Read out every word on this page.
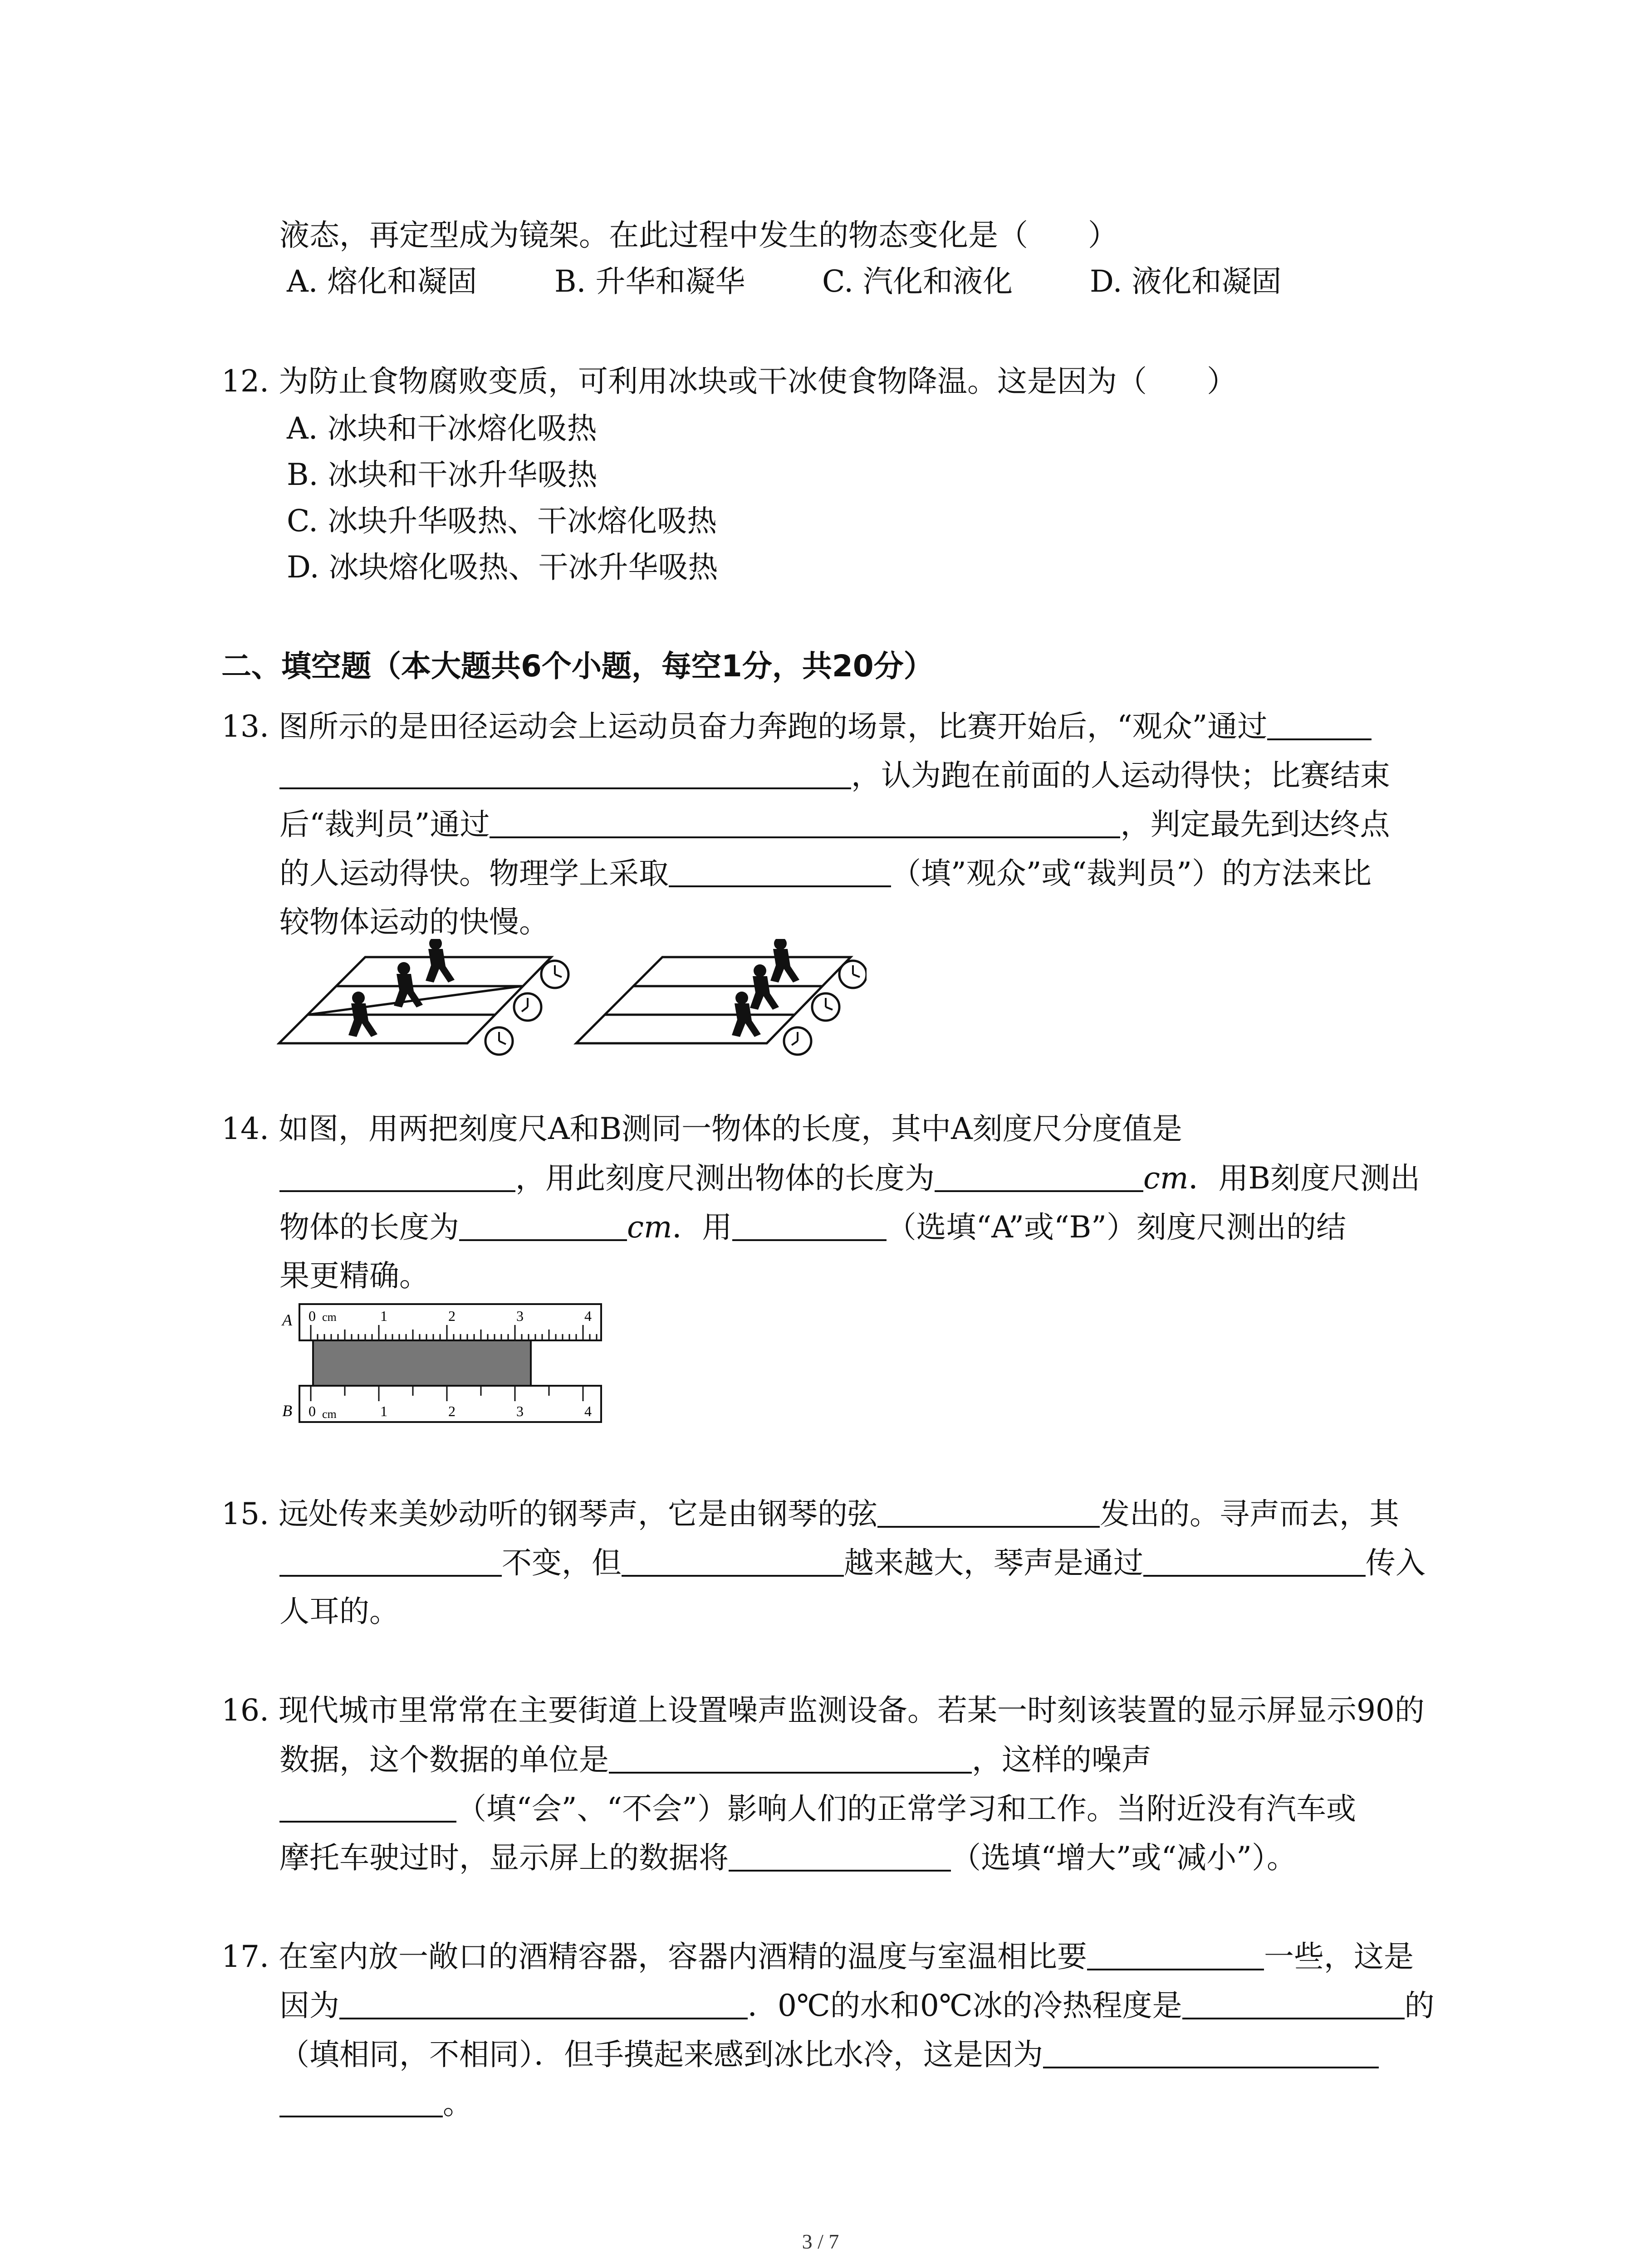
液态，再定型成为镜架。在此过程中发生的物态变化是（　　）
A. 熔化和凝固	B. 升华和凝华	C. 汽化和液化	D. 液化和凝固
12. 为防止食物腐败变质，可利用冰块或干冰使食物降温。这是因为（　　）
A. 冰块和干冰熔化吸热
B. 冰块和干冰升华吸热
C. 冰块升华吸热、干冰熔化吸热
D. 冰块熔化吸热、干冰升华吸热
二、填空题（本大题共6个小题，每空1分，共20分）
13. 图所示的是田径运动会上运动员奋力奔跑的场景，比赛开始后，“观众”通过
，认为跑在前面的人运动得快；比赛结束
后“裁判员”通过	，判定最先到达终点
的人运动得快。物理学上采取	（填”观众”或“裁判员”）的方法来比
较物体运动的快慢。
14. 如图，用两把刻度尺A和B测同一物体的长度，其中A刻度尺分度值是
，用此刻度尺测出物体的长度为	cm．用B刻度尺测出
物体的长度为	cm．用	（选填“A”或“B”）刻度尺测出的结
果更精确。
A
B
0 cm	1	2	3	4
0 cm	1	2	3	4
15. 远处传来美妙动听的钢琴声，它是由钢琴的弦	发出的。寻声而去，其
不变，但	越来越大，琴声是通过	传入
人耳的。
16. 现代城市里常常在主要街道上设置噪声监测设备。若某一时刻该装置的显示屏显示90的
数据，这个数据的单位是	，这样的噪声
（填“会”、“不会”）影响人们的正常学习和工作。当附近没有汽车或
摩托车驶过时，显示屏上的数据将	（选填“增大”或“减小”）。
17. 在室内放一敞口的酒精容器，容器内酒精的温度与室温相比要	一些，这是
因为	．0℃的水和0℃冰的冷热程度是	的
（填相同，不相同）．但手摸起来感到冰比水冷，这是因为
。
3 / 7
